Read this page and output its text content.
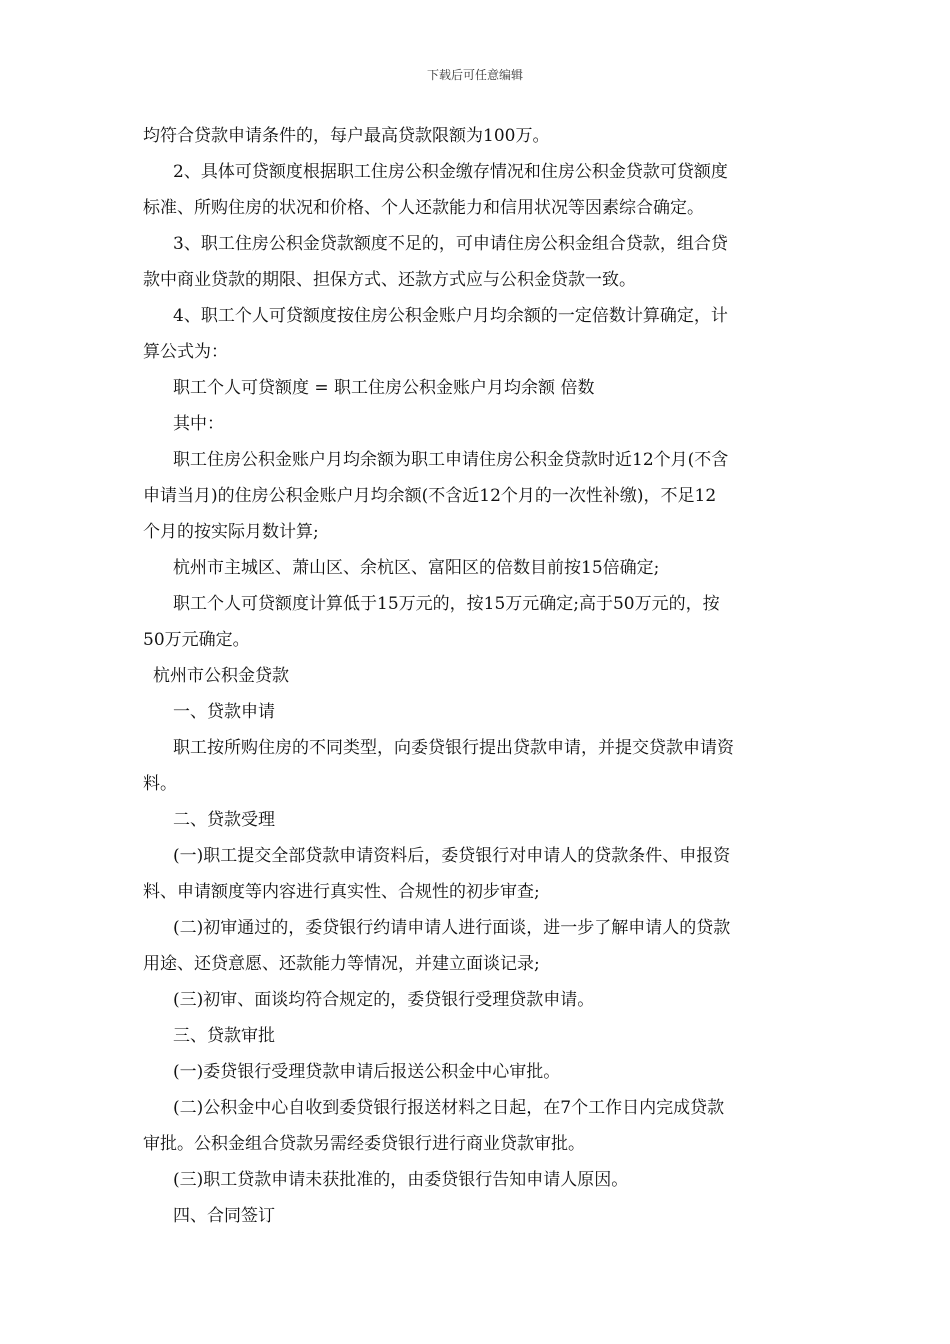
下载后可任意编辑
均符合贷款申请条件的，每户最高贷款限额为100万。
2、具体可贷额度根据职工住房公积金缴存情况和住房公积金贷款可贷额度
标准、所购住房的状况和价格、个人还款能力和信用状况等因素综合确定。
3、职工住房公积金贷款额度不足的，可申请住房公积金组合贷款，组合贷
款中商业贷款的期限、担保方式、还款方式应与公积金贷款一致。
4、职工个人可贷额度按住房公积金账户月均余额的一定倍数计算确定，计
算公式为：
职工个人可贷额度 = 职工住房公积金账户月均余额 倍数
其中：
职工住房公积金账户月均余额为职工申请住房公积金贷款时近12个月(不含
申请当月)的住房公积金账户月均余额(不含近12个月的一次性补缴)，不足12
个月的按实际月数计算;
杭州市主城区、萧山区、余杭区、富阳区的倍数目前按15倍确定;
职工个人可贷额度计算低于15万元的，按15万元确定;高于50万元的，按
50万元确定。
杭州市公积金贷款
一、贷款申请
职工按所购住房的不同类型，向委贷银行提出贷款申请，并提交贷款申请资
料。
二、贷款受理
(一)职工提交全部贷款申请资料后，委贷银行对申请人的贷款条件、申报资
料、申请额度等内容进行真实性、合规性的初步审查;
(二)初审通过的，委贷银行约请申请人进行面谈，进一步了解申请人的贷款
用途、还贷意愿、还款能力等情况，并建立面谈记录;
(三)初审、面谈均符合规定的，委贷银行受理贷款申请。
三、贷款审批
(一)委贷银行受理贷款申请后报送公积金中心审批。
(二)公积金中心自收到委贷银行报送材料之日起，在7个工作日内完成贷款
审批。公积金组合贷款另需经委贷银行进行商业贷款审批。
(三)职工贷款申请未获批准的，由委贷银行告知申请人原因。
四、合同签订
